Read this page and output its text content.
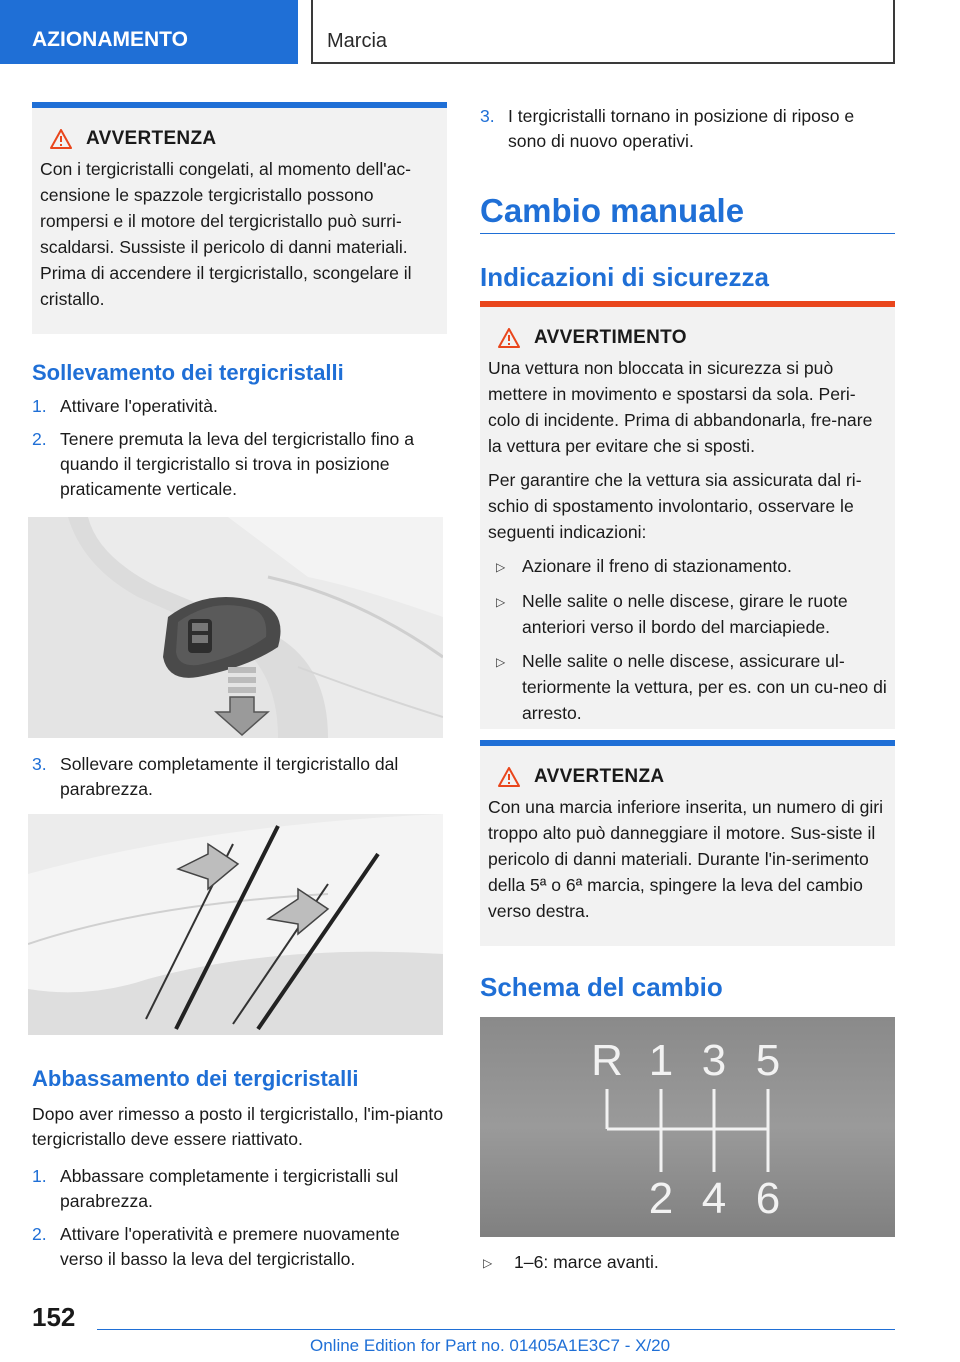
AZIONAMENTO	Marcia
AVVERTENZA

Con i tergicristalli congelati, al momento dell'ac-censione le spazzole tergicristallo possono rompersi e il motore del tergicristallo può surri-scaldarsi. Sussiste il pericolo di danni materiali. Prima di accendere il tergicristallo, scongelare il cristallo.

Sollevamento dei tergicristalli
1. Attivare l'operatività.
2. Tenere premuta la leva del tergicristallo fino a quando il tergicristallo si trova in posizione praticamente verticale.
3. Sollevare completamente il tergicristallo dal parabrezza.
Abbassamento dei tergicristalli
Dopo aver rimesso a posto il tergicristallo, l'im-pianto tergicristallo deve essere riattivato.
1. Abbassare completamente i tergicristalli sul parabrezza.
2. Attivare l'operatività e premere nuovamente verso il basso la leva del tergicristallo.
3. I tergicristalli tornano in posizione di riposo e sono di nuovo operativi.
Cambio manuale
Indicazioni di sicurezza
AVVERTIMENTO

Una vettura non bloccata in sicurezza si può mettere in movimento e spostarsi da sola. Peri-colo di incidente. Prima di abbandonarla, fre-nare la vettura per evitare che si sposti.

Per garantire che la vettura sia assicurata dal ri-schio di spostamento involontario, osservare le seguenti indicazioni:

▷ Azionare il freno di stazionamento.
▷ Nelle salite o nelle discese, girare le ruote anteriori verso il bordo del marciapiede.
▷ Nelle salite o nelle discese, assicurare ul-teriormente la vettura, per es. con un cu-neo di arresto.
AVVERTENZA

Con una marcia inferiore inserita, un numero di giri troppo alto può danneggiare il motore. Sus-siste il pericolo di danni materiali. Durante l'in-serimento della 5ª o 6ª marcia, spingere la leva del cambio verso destra.

Schema del cambio
R 1 3 5
2 4 6
▷	1–6: marce avanti.
152
Online Edition for Part no. 01405A1E3C7 - X/20
